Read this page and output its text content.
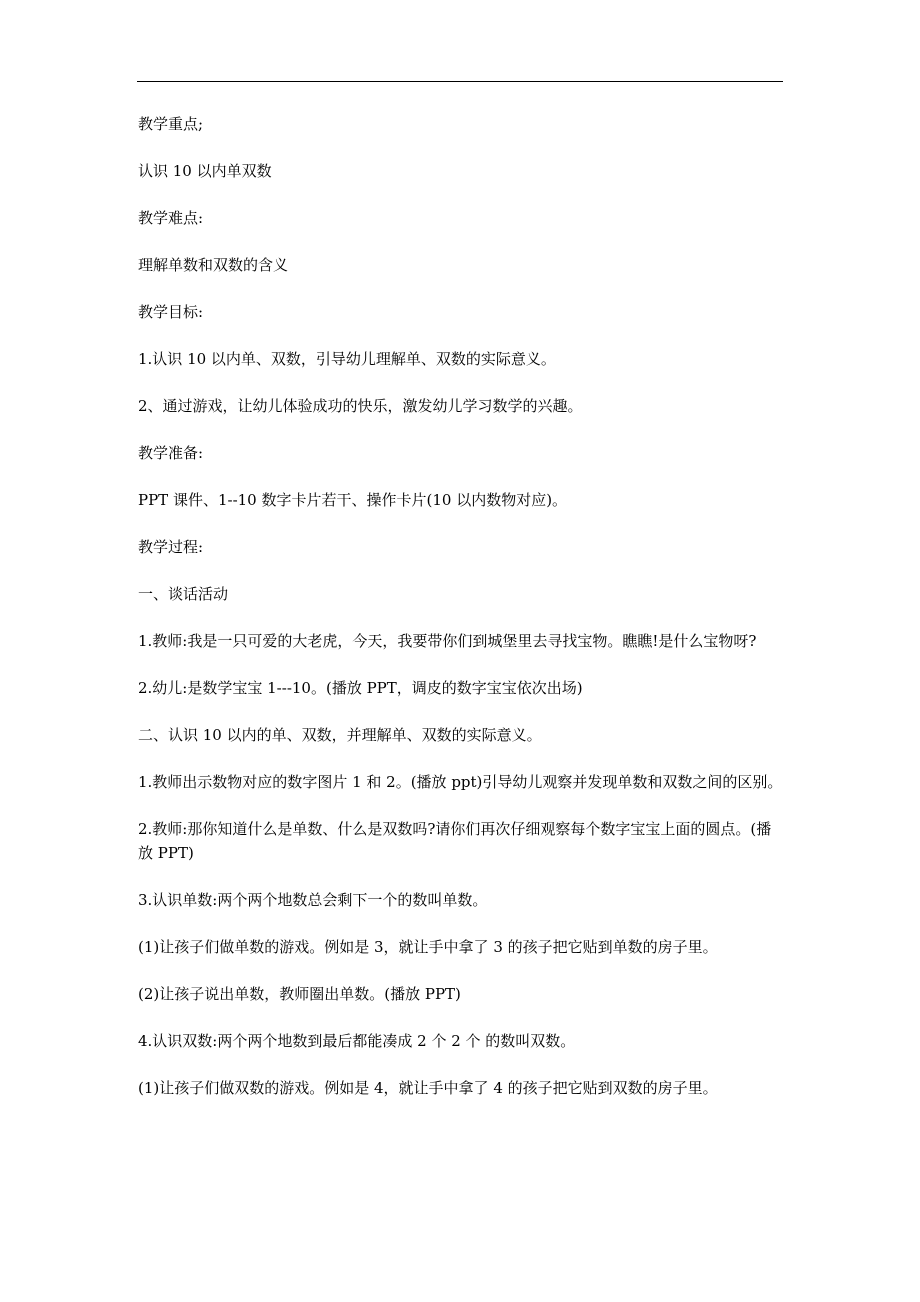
教学重点;

认识 10 以内单双数

教学难点:

理解单数和双数的含义

教学目标:

1.认识 10 以内单、双数，引导幼儿理解单、双数的实际意义。

2、通过游戏，让幼儿体验成功的快乐，激发幼儿学习数学的兴趣。

教学准备:

PPT 课件、1--10 数字卡片若干、操作卡片(10 以内数物对应)。

教学过程:

一、谈话活动

1.教师:我是一只可爱的大老虎，今天，我要带你们到城堡里去寻找宝物。瞧瞧!是什么宝物呀?

2.幼儿:是数学宝宝 1---10。(播放 PPT，调皮的数字宝宝依次出场)

二、认识 10 以内的单、双数，并理解单、双数的实际意义。

1.教师出示数物对应的数字图片 1 和 2。(播放 ppt)引导幼儿观察并发现单数和双数之间的区别。

2.教师:那你知道什么是单数、什么是双数吗?请你们再次仔细观察每个数字宝宝上面的圆点。(播放 PPT)

3.认识单数:两个两个地数总会剩下一个的数叫单数。

(1)让孩子们做单数的游戏。例如是 3，就让手中拿了 3 的孩子把它贴到单数的房子里。

(2)让孩子说出单数，教师圈出单数。(播放 PPT)

4.认识双数:两个两个地数到最后都能凑成 2 个 2 个 的数叫双数。

(1)让孩子们做双数的游戏。例如是 4，就让手中拿了 4 的孩子把它贴到双数的房子里。
